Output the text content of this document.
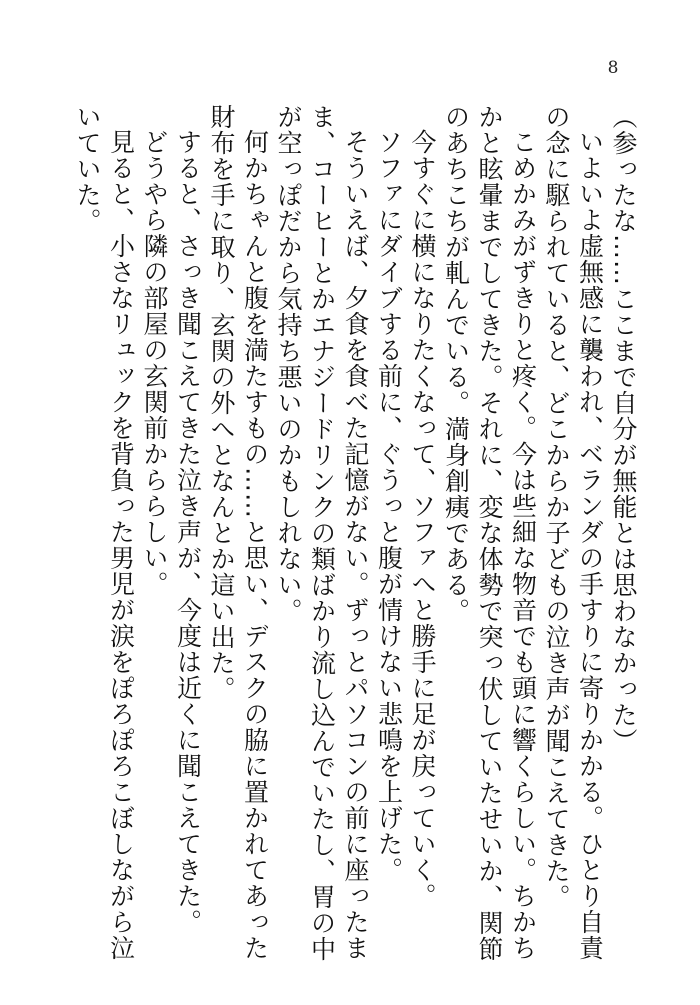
8

（参ったな……ここまで自分が無能とは思わなかった）

いよいよ虚無感に襲われ、ベランダの手すりに寄りかかる。ひとり自責の念に駆られていると、どこからか子どもの泣き声が聞こえてきた。

こめかみがずきりと疼く。今は些細な物音でも頭に響くらしい。ちかちかと眩暈までしてきた。それに、変な体勢で突っ伏していたせいか、関節のあちこちが軋んでいる。満身創痍である。

今すぐに横になりたくなって、ソファへと勝手に足が戻っていく。

ソファにダイブする前に、ぐうっと腹が情けない悲鳴を上げた。

そういえば、夕食を食べた記憶がない。ずっとパソコンの前に座ったまま、コーヒーとかエナジードリンクの類ばかり流し込んでいたし、胃の中が空っぽだから気持ち悪いのかもしれない。

何かちゃんと腹を満たすもの……と思い、デスクの脇に置かれてあった財布を手に取り、玄関の外へとなんとか這い出た。

すると、さっき聞こえてきた泣き声が、今度は近くに聞こえてきた。

どうやら隣の部屋の玄関前かららしい。

見ると、小さなリュックを背負った男児が涙をぽろぽろこぼしながら泣いていた。
